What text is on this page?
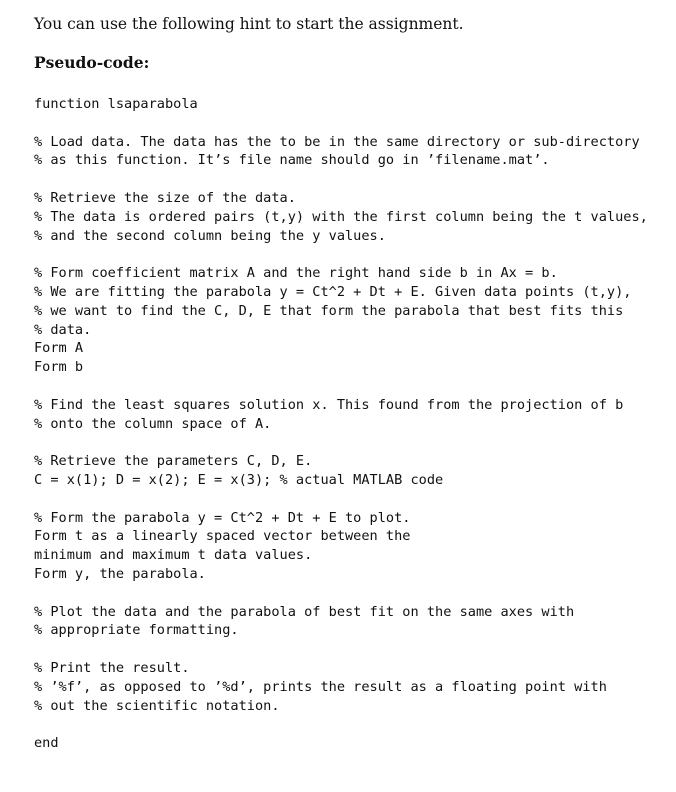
You can use the following hint to start the assignment.
Pseudo-code:
function lsaparabola

% Load data. The data has the to be in the same directory or sub-directory
% as this function. It’s file name should go in ’filename.mat’.

% Retrieve the size of the data.
% The data is ordered pairs (t,y) with the first column being the t values,
% and the second column being the y values.

% Form coefficient matrix A and the right hand side b in Ax = b.
% We are fitting the parabola y = Ct^2 + Dt + E. Given data points (t,y),
% we want to find the C, D, E that form the parabola that best fits this
% data.
Form A
Form b

% Find the least squares solution x. This found from the projection of b
% onto the column space of A.

% Retrieve the parameters C, D, E.
C = x(1); D = x(2); E = x(3); % actual MATLAB code

% Form the parabola y = Ct^2 + Dt + E to plot.
Form t as a linearly spaced vector between the
minimum and maximum t data values.
Form y, the parabola.

% Plot the data and the parabola of best fit on the same axes with
% appropriate formatting.

% Print the result.
% ’%f’, as opposed to ’%d’, prints the result as a floating point with
% out the scientific notation.

end
